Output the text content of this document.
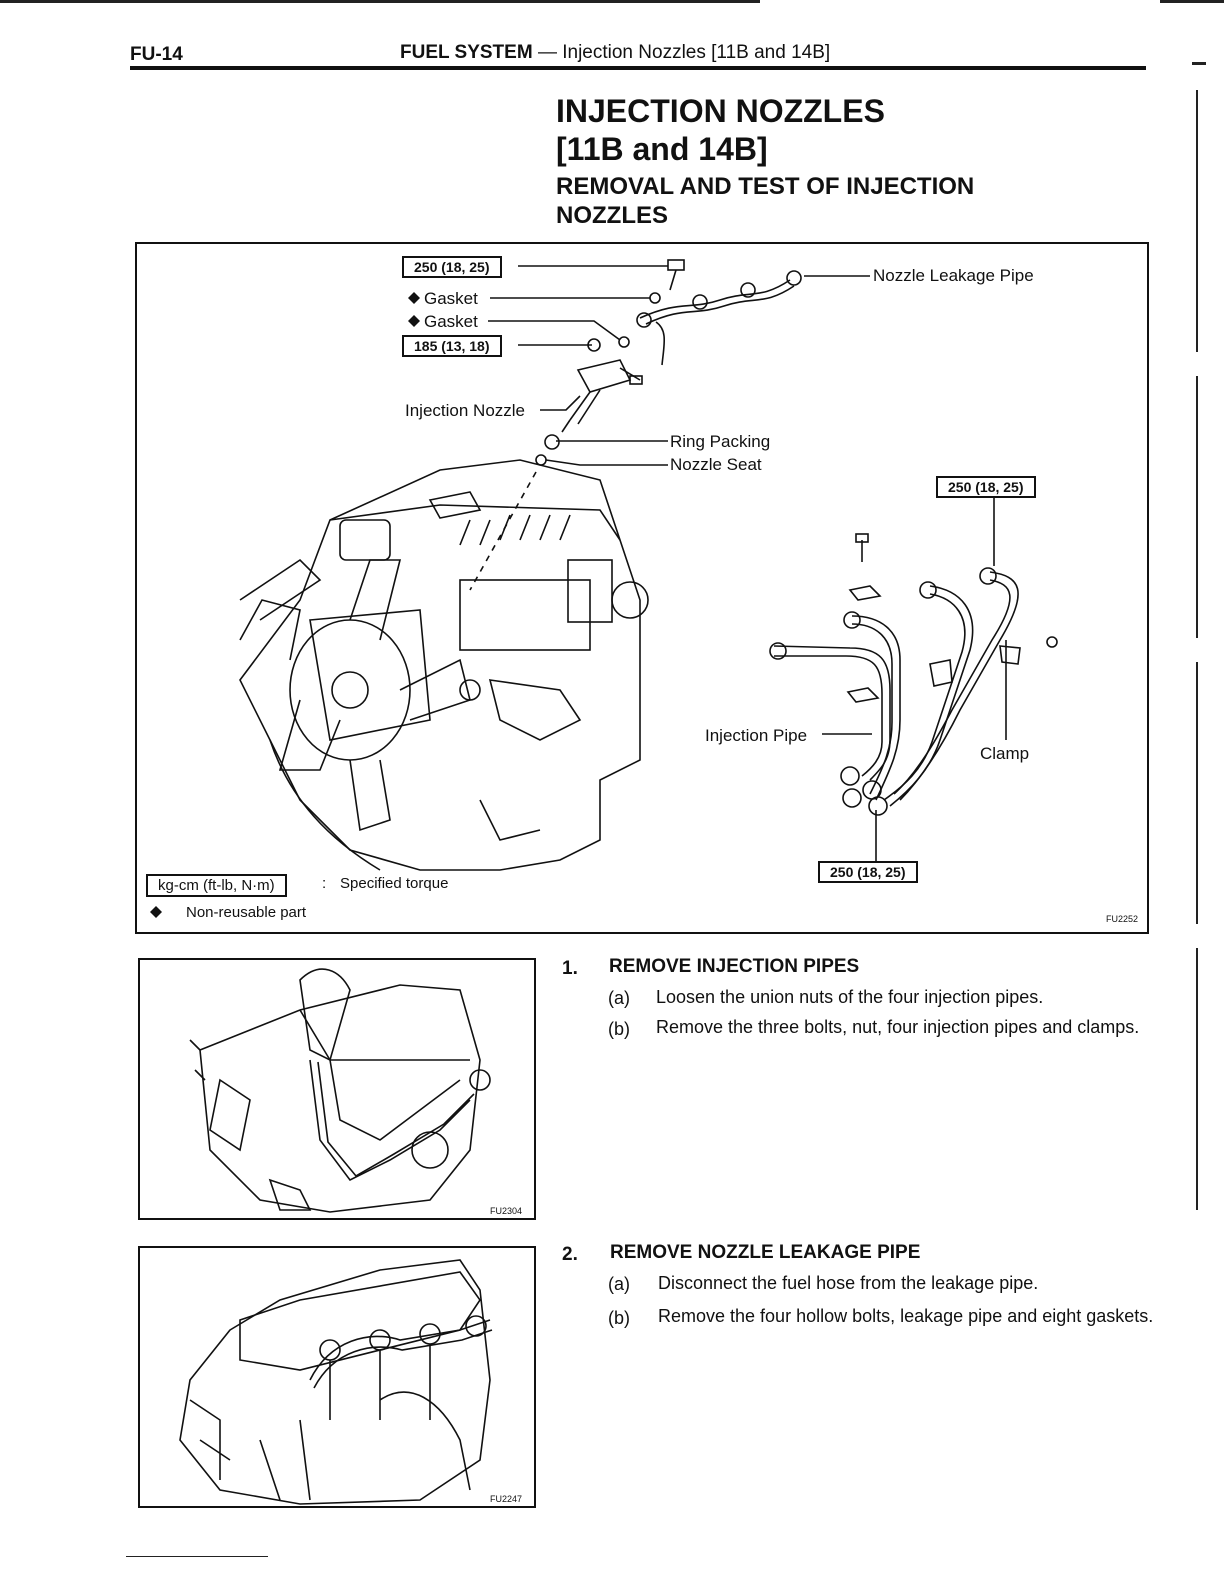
FU-14	FUEL SYSTEM — Injection Nozzles [11B and 14B]
INJECTION NOZZLES
[11B and 14B]
REMOVAL AND TEST OF INJECTION
NOZZLES
250 (18, 25)
Gasket
Gasket
185 (13, 18)
Nozzle Leakage Pipe
Injection Nozzle
Ring Packing
Nozzle Seat
250 (18, 25)
Injection Pipe
Clamp
250 (18, 25)
kg-cm (ft-lb, N·m)	: Specified torque
Non-reusable part	FU2252
FU2304
FU2247
1. REMOVE INJECTION PIPES
(a) Loosen the union nuts of the four injection pipes.
(b) Remove the three bolts, nut, four injection pipes and clamps.
2. REMOVE NOZZLE LEAKAGE PIPE
(a) Disconnect the fuel hose from the leakage pipe.
(b) Remove the four hollow bolts, leakage pipe and eight gaskets.
